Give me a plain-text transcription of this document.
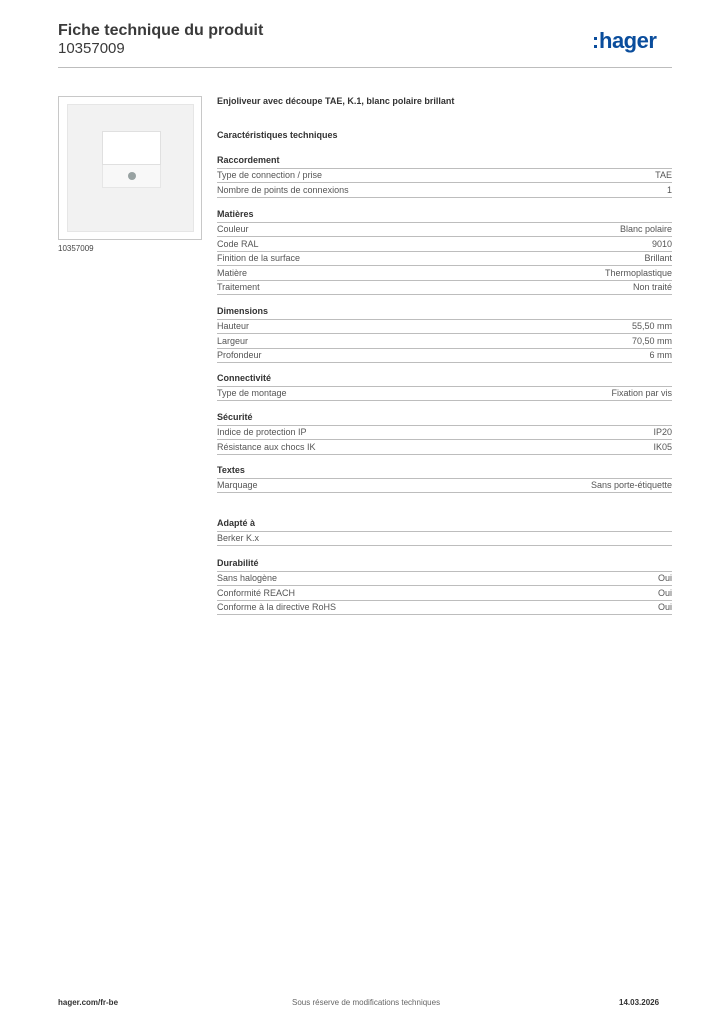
Fiche technique du produit
10357009	hager
10357009
Enjoliveur avec découpe TAE, K.1, blanc polaire brillant
Caractéristiques techniques
Raccordement
Type de connection / prise	TAE
Nombre de points de connexions	1
Matières
Couleur	Blanc polaire
Code RAL	9010
Finition de la surface	Brillant
Matière	Thermoplastique
Traitement	Non traité
Dimensions
Hauteur	55,50 mm
Largeur	70,50 mm
Profondeur	6 mm
Connectivité
Type de montage	Fixation par vis
Sécurité
Indice de protection IP	IP20
Résistance aux chocs IK	IK05
Textes
Marquage	Sans porte-étiquette
Adapté à
Berker K.x
Durabilité
Sans halogène	Oui
Conformité REACH	Oui
Conforme à la directive RoHS	Oui
hager.com/fr-be	Sous réserve de modifications techniques	14.03.2026
